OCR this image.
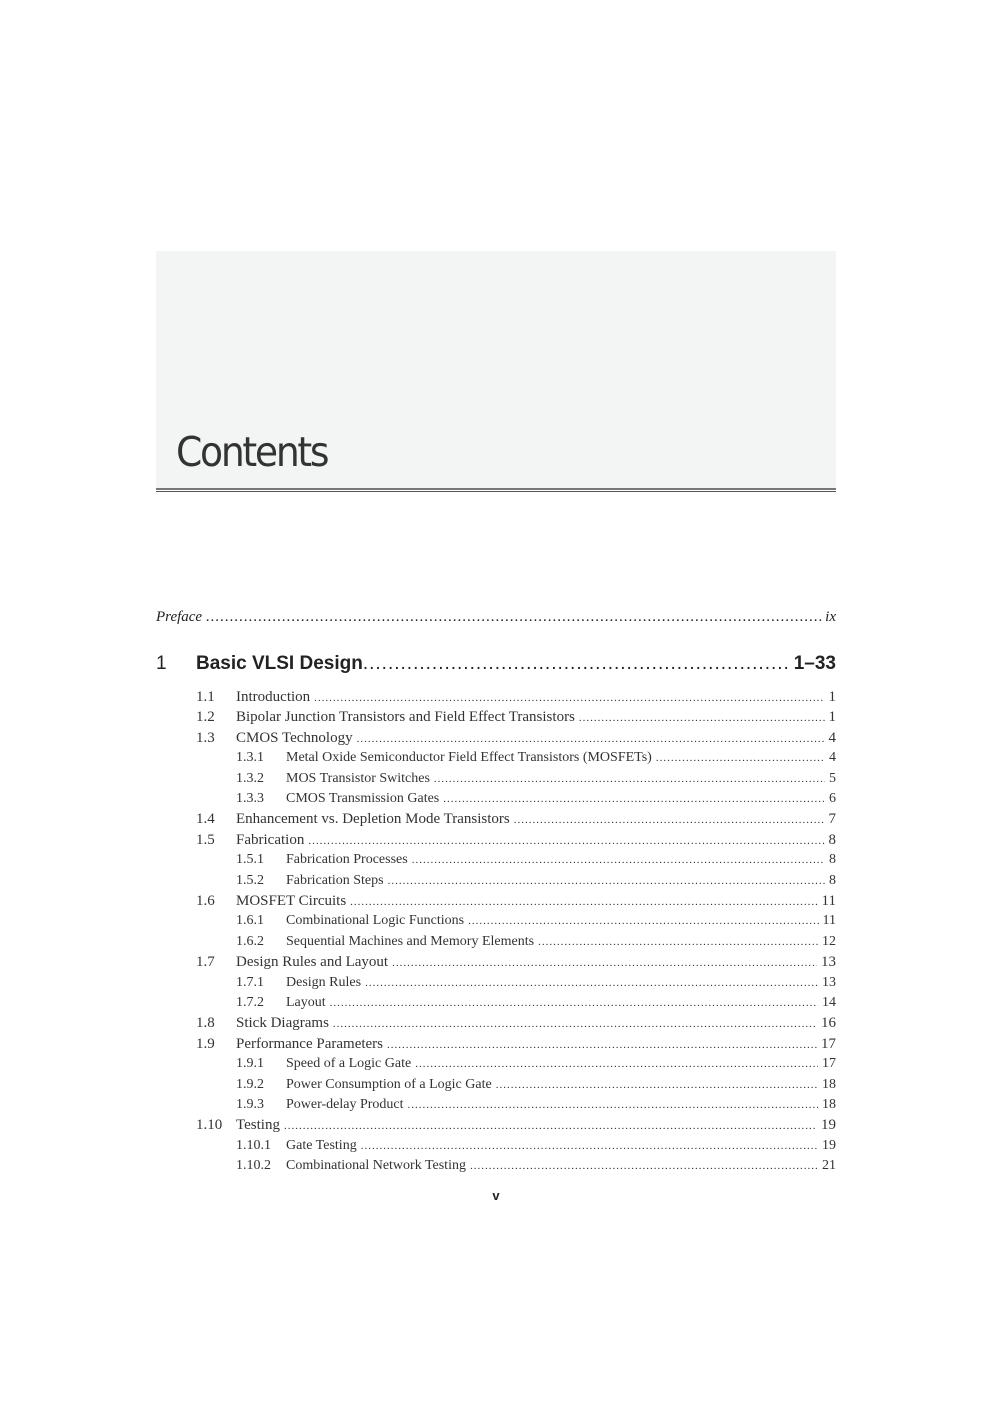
Contents
Preface .....	ix
1	Basic VLSI Design .....	1–33
1.1	Introduction .....	1
1.2	Bipolar Junction Transistors and Field Effect Transistors .....	1
1.3	CMOS Technology .....	4
1.3.1	Metal Oxide Semiconductor Field Effect Transistors (MOSFETs) .....	4
1.3.2	MOS Transistor Switches .....	5
1.3.3	CMOS Transmission Gates .....	6
1.4	Enhancement vs. Depletion Mode Transistors .....	7
1.5	Fabrication .....	8
1.5.1	Fabrication Processes .....	8
1.5.2	Fabrication Steps .....	8
1.6	MOSFET Circuits .....	11
1.6.1	Combinational Logic Functions .....	11
1.6.2	Sequential Machines and Memory Elements .....	12
1.7	Design Rules and Layout .....	13
1.7.1	Design Rules .....	13
1.7.2	Layout .....	14
1.8	Stick Diagrams .....	16
1.9	Performance Parameters .....	17
1.9.1	Speed of a Logic Gate .....	17
1.9.2	Power Consumption of a Logic Gate .....	18
1.9.3	Power-delay Product .....	18
1.10 Testing .....	19
1.10.1	Gate Testing .....	19
1.10.2	Combinational Network Testing .....	21
v
